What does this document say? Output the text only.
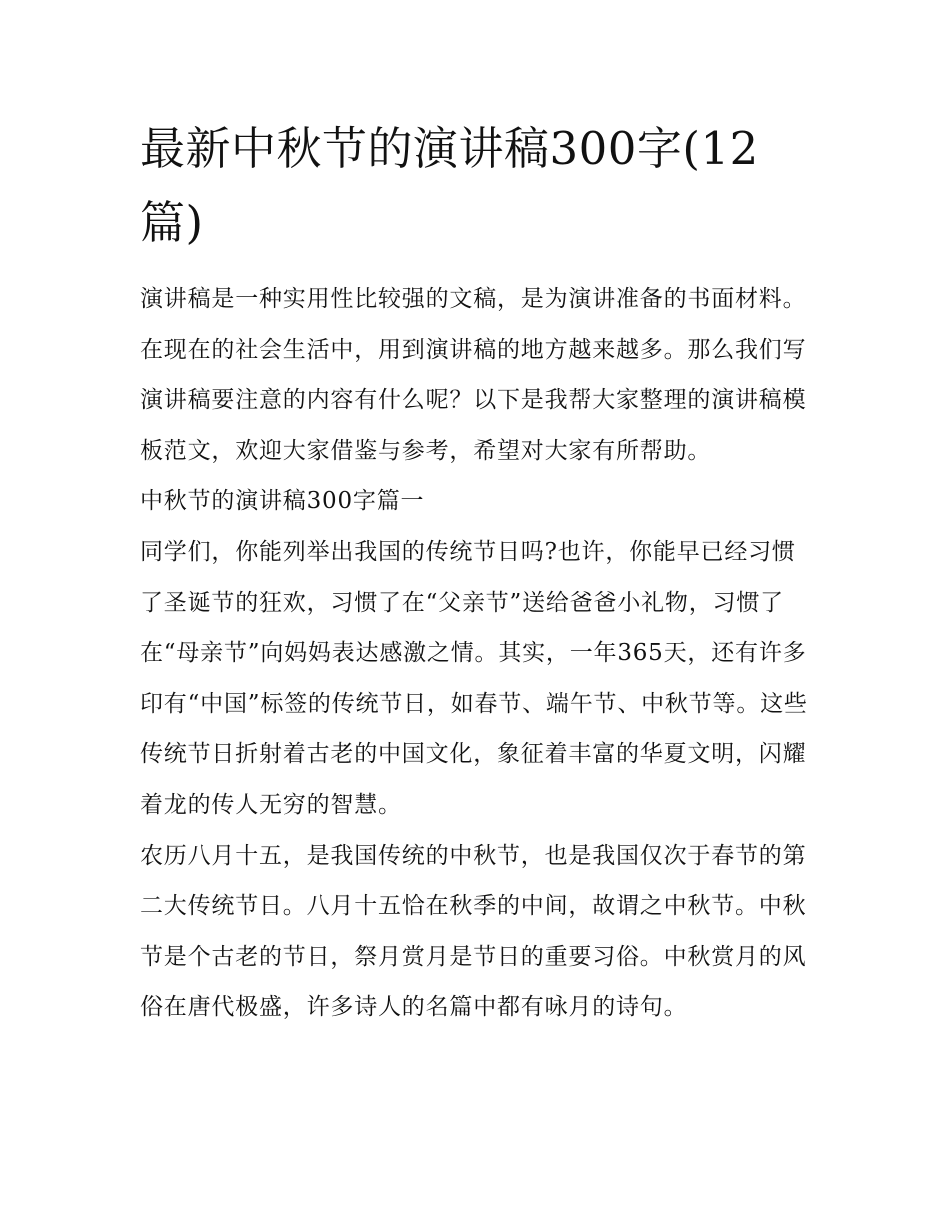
最新中秋节的演讲稿300字(12篇)

演讲稿是一种实用性比较强的文稿，是为演讲准备的书面材料。在现在的社会生活中，用到演讲稿的地方越来越多。那么我们写演讲稿要注意的内容有什么呢？以下是我帮大家整理的演讲稿模板范文，欢迎大家借鉴与参考，希望对大家有所帮助。

中秋节的演讲稿300字篇一

同学们，你能列举出我国的传统节日吗?也许，你能早已经习惯了圣诞节的狂欢，习惯了在“父亲节”送给爸爸小礼物，习惯了在“母亲节”向妈妈表达感激之情。其实，一年365天，还有许多印有“中国”标签的传统节日，如春节、端午节、中秋节等。这些传统节日折射着古老的中国文化，象征着丰富的华夏文明，闪耀着龙的传人无穷的智慧。

农历八月十五，是我国传统的中秋节，也是我国仅次于春节的第二大传统节日。八月十五恰在秋季的中间，故谓之中秋节。中秋节是个古老的节日，祭月赏月是节日的重要习俗。中秋赏月的风俗在唐代极盛，许多诗人的名篇中都有咏月的诗句。
